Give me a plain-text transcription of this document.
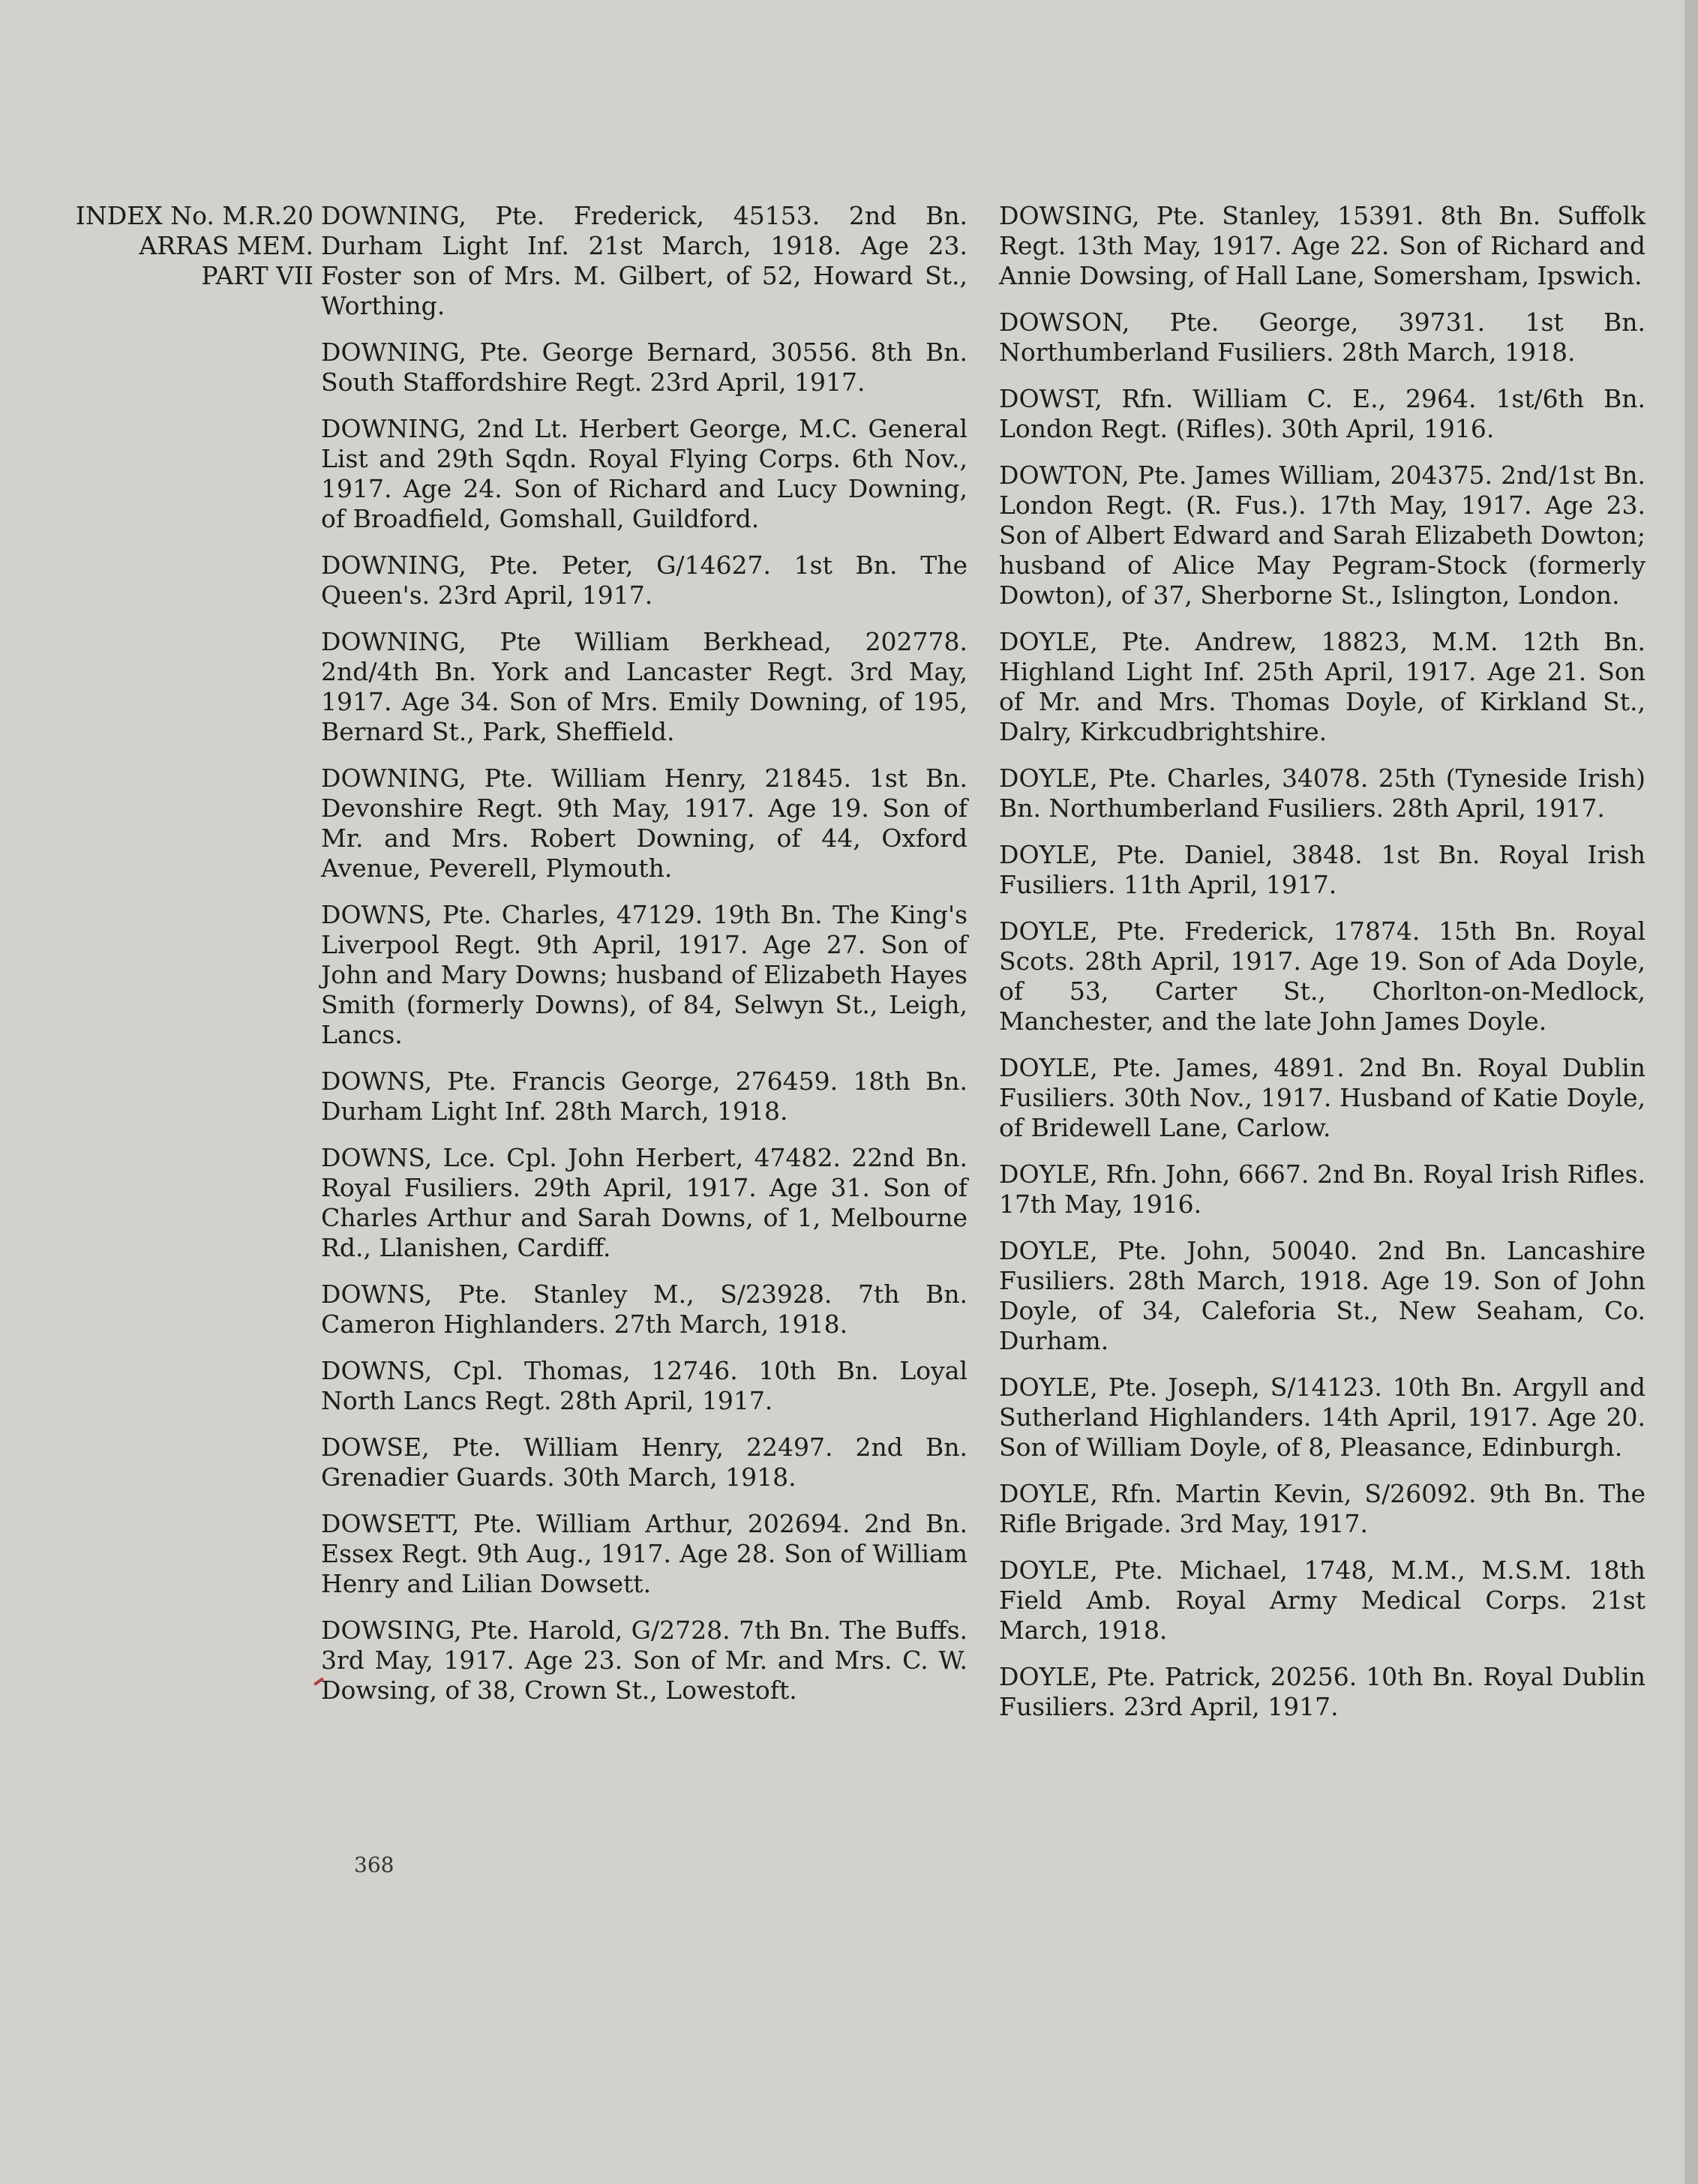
INDEX No. M.R.20
ARRAS MEM.
PART VII

DOWNING, Pte. Frederick, 45153. 2nd Bn. Durham Light Inf. 21st March, 1918. Age 23. Foster son of Mrs. M. Gilbert, of 52, Howard St., Worthing.

DOWNING, Pte. George Bernard, 30556. 8th Bn. South Staffordshire Regt. 23rd April, 1917.

DOWNING, 2nd Lt. Herbert George, M.C. General List and 29th Sqdn. Royal Flying Corps. 6th Nov., 1917. Age 24. Son of Richard and Lucy Downing, of Broadfield, Gomshall, Guildford.

DOWNING, Pte. Peter, G/14627. 1st Bn. The Queen's. 23rd April, 1917.

DOWNING, Pte William Berkhead, 202778. 2nd/4th Bn. York and Lancaster Regt. 3rd May, 1917. Age 34. Son of Mrs. Emily Downing, of 195, Bernard St., Park, Sheffield.

DOWNING, Pte. William Henry, 21845. 1st Bn. Devonshire Regt. 9th May, 1917. Age 19. Son of Mr. and Mrs. Robert Downing, of 44, Oxford Avenue, Peverell, Plymouth.

DOWNS, Pte. Charles, 47129. 19th Bn. The King's Liverpool Regt. 9th April, 1917. Age 27. Son of John and Mary Downs; husband of Elizabeth Hayes Smith (formerly Downs), of 84, Selwyn St., Leigh, Lancs.

DOWNS, Pte. Francis George, 276459. 18th Bn. Durham Light Inf. 28th March, 1918.

DOWNS, Lce. Cpl. John Herbert, 47482. 22nd Bn. Royal Fusiliers. 29th April, 1917. Age 31. Son of Charles Arthur and Sarah Downs, of 1, Melbourne Rd., Llanishen, Cardiff.

DOWNS, Pte. Stanley M., S/23928. 7th Bn. Cameron Highlanders. 27th March, 1918.

DOWNS, Cpl. Thomas, 12746. 10th Bn. Loyal North Lancs Regt. 28th April, 1917.

DOWSE, Pte. William Henry, 22497. 2nd Bn. Grenadier Guards. 30th March, 1918.

DOWSETT, Pte. William Arthur, 202694. 2nd Bn. Essex Regt. 9th Aug., 1917. Age 28. Son of William Henry and Lilian Dowsett.

DOWSING, Pte. Harold, G/2728. 7th Bn. The Buffs. 3rd May, 1917. Age 23. Son of Mr. and Mrs. C. W. Dowsing, of 38, Crown St., Lowestoft.

DOWSING, Pte. Stanley, 15391. 8th Bn. Suffolk Regt. 13th May, 1917. Age 22. Son of Richard and Annie Dowsing, of Hall Lane, Somersham, Ipswich.

DOWSON, Pte. George, 39731. 1st Bn. Northumberland Fusiliers. 28th March, 1918.

DOWST, Rfn. William C. E., 2964. 1st/6th Bn. London Regt. (Rifles). 30th April, 1916.

DOWTON, Pte. James William, 204375. 2nd/1st Bn. London Regt. (R. Fus.). 17th May, 1917. Age 23. Son of Albert Edward and Sarah Elizabeth Dowton; husband of Alice May Pegram-Stock (formerly Dowton), of 37, Sherborne St., Islington, London.

DOYLE, Pte. Andrew, 18823, M.M. 12th Bn. Highland Light Inf. 25th April, 1917. Age 21. Son of Mr. and Mrs. Thomas Doyle, of Kirkland St., Dalry, Kirkcudbrightshire.

DOYLE, Pte. Charles, 34078. 25th (Tyneside Irish) Bn. Northumberland Fusiliers. 28th April, 1917.

DOYLE, Pte. Daniel, 3848. 1st Bn. Royal Irish Fusiliers. 11th April, 1917.

DOYLE, Pte. Frederick, 17874. 15th Bn. Royal Scots. 28th April, 1917. Age 19. Son of Ada Doyle, of 53, Carter St., Chorlton-on-Medlock, Manchester, and the late John James Doyle.

DOYLE, Pte. James, 4891. 2nd Bn. Royal Dublin Fusiliers. 30th Nov., 1917. Husband of Katie Doyle, of Bridewell Lane, Carlow.

DOYLE, Rfn. John, 6667. 2nd Bn. Royal Irish Rifles. 17th May, 1916.

DOYLE, Pte. John, 50040. 2nd Bn. Lancashire Fusiliers. 28th March, 1918. Age 19. Son of John Doyle, of 34, Caleforia St., New Seaham, Co. Durham.

DOYLE, Pte. Joseph, S/14123. 10th Bn. Argyll and Sutherland Highlanders. 14th April, 1917. Age 20. Son of William Doyle, of 8, Pleasance, Edinburgh.

DOYLE, Rfn. Martin Kevin, S/26092. 9th Bn. The Rifle Brigade. 3rd May, 1917.

DOYLE, Pte. Michael, 1748, M.M., M.S.M. 18th Field Amb. Royal Army Medical Corps. 21st March, 1918.

DOYLE, Pte. Patrick, 20256. 10th Bn. Royal Dublin Fusiliers. 23rd April, 1917.

368
